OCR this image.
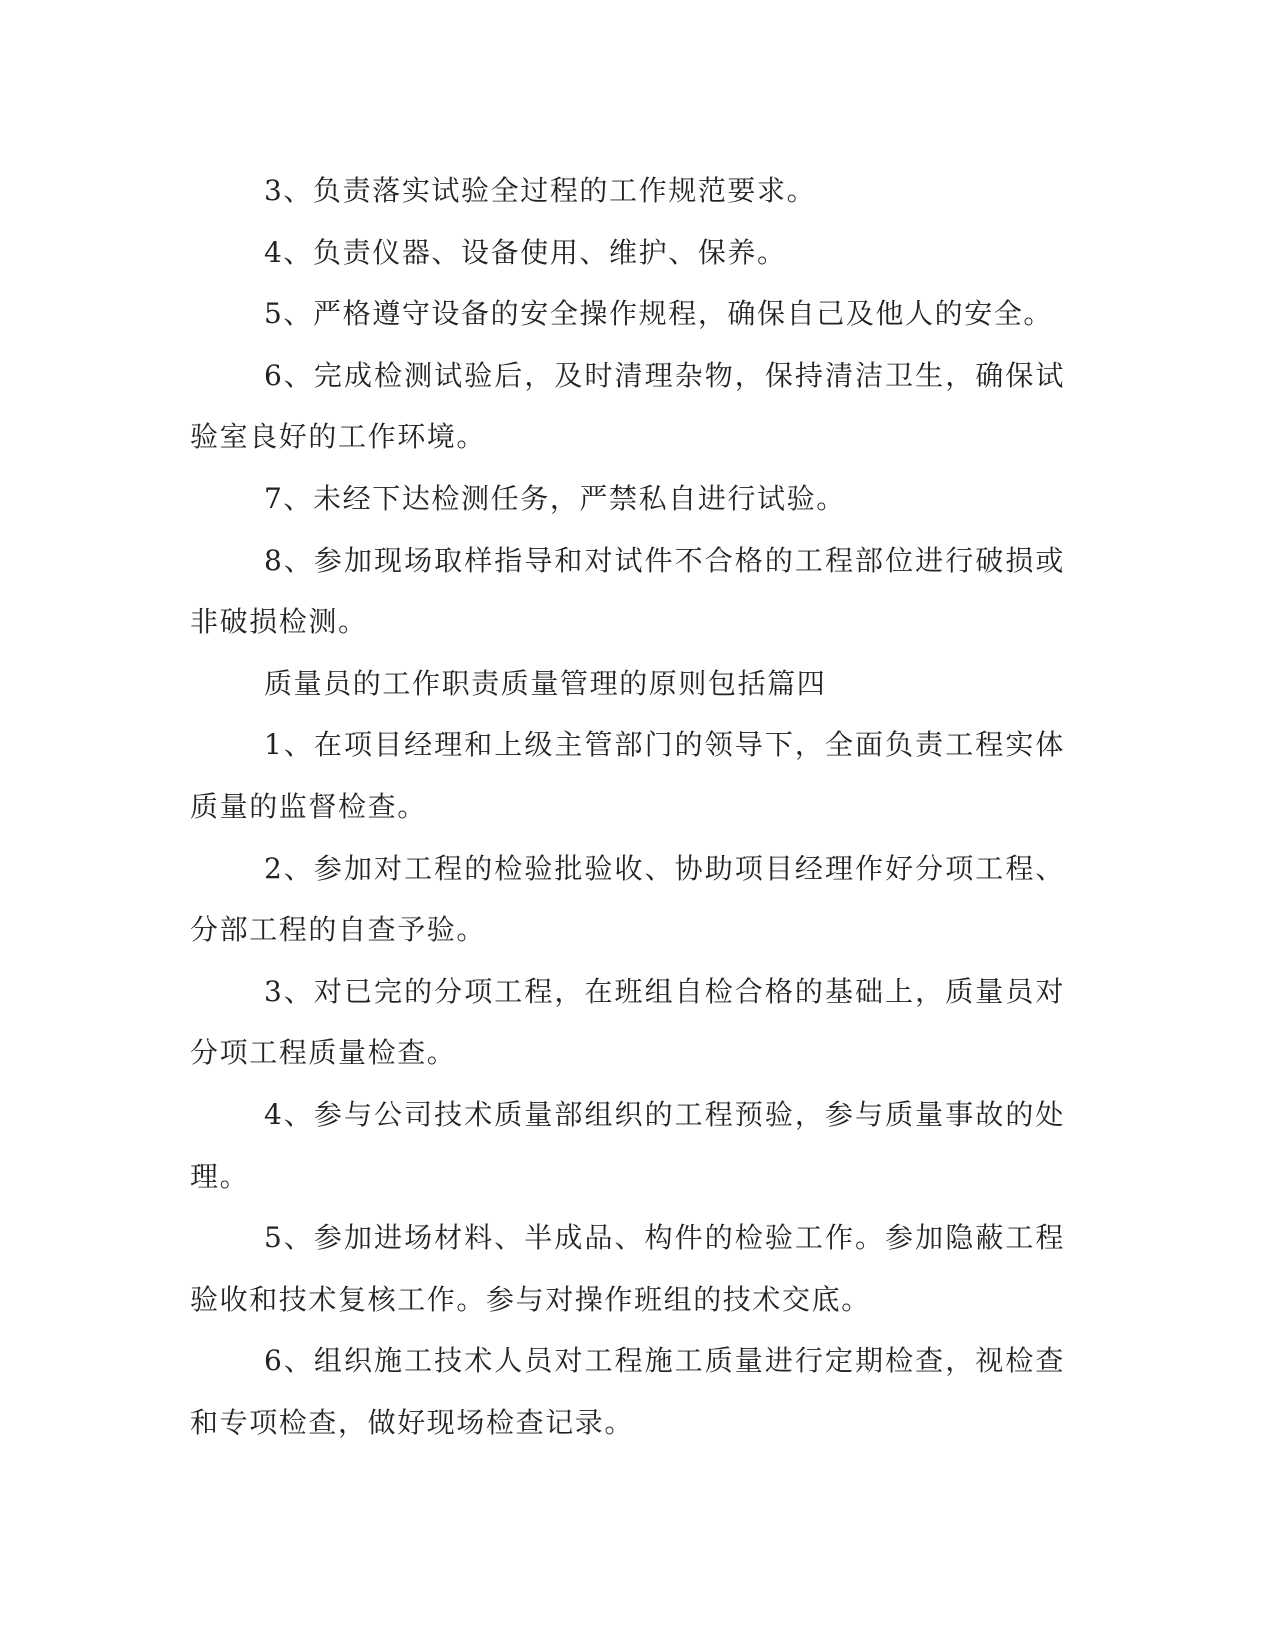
3、负责落实试验全过程的工作规范要求。

4、负责仪器、设备使用、维护、保养。

5、严格遵守设备的安全操作规程，确保自己及他人的安全。

6、完成检测试验后，及时清理杂物，保持清洁卫生，确保试验室良好的工作环境。

7、未经下达检测任务，严禁私自进行试验。

8、参加现场取样指导和对试件不合格的工程部位进行破损或非破损检测。

质量员的工作职责质量管理的原则包括篇四

1、在项目经理和上级主管部门的领导下，全面负责工程实体质量的监督检查。

2、参加对工程的检验批验收、协助项目经理作好分项工程、分部工程的自查予验。

3、对已完的分项工程，在班组自检合格的基础上，质量员对分项工程质量检查。

4、参与公司技术质量部组织的工程预验，参与质量事故的处理。

5、参加进场材料、半成品、构件的检验工作。参加隐蔽工程验收和技术复核工作。参与对操作班组的技术交底。

6、组织施工技术人员对工程施工质量进行定期检查，视检查和专项检查，做好现场检查记录。
